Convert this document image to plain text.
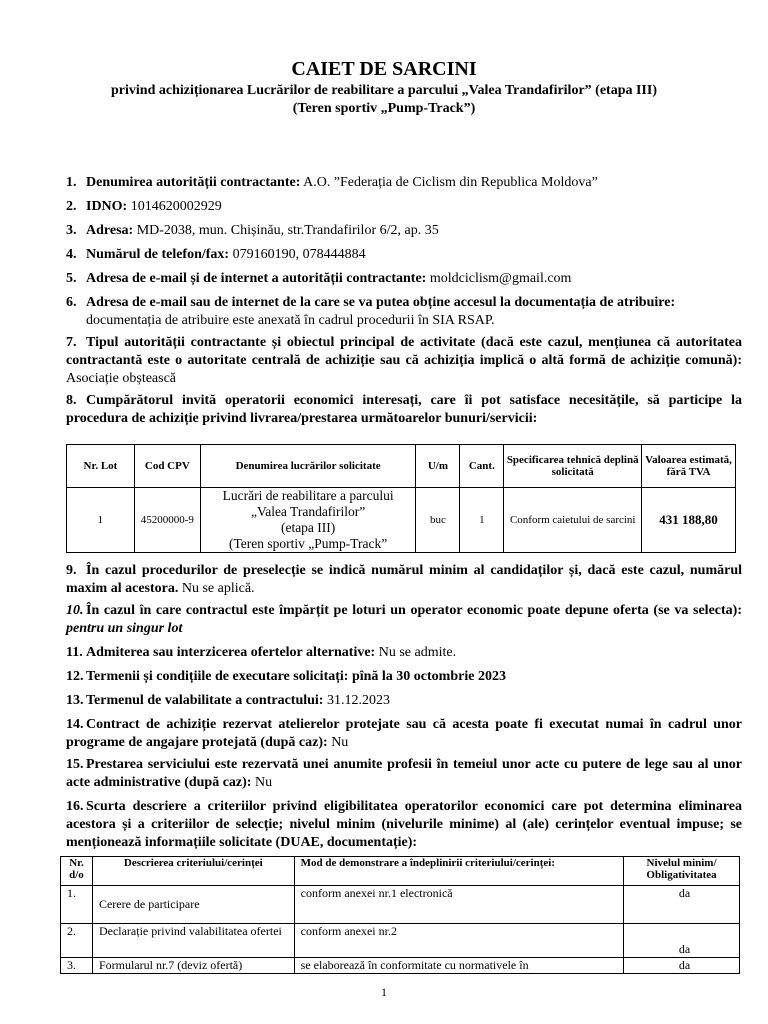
CAIET DE SARCINI
privind achiziționarea Lucrărilor de reabilitare a parcului „Valea Trandafirilor” (etapa III)
(Teren sportiv „Pump-Track”)
1. Denumirea autorității contractante: A.O. ”Federația de Ciclism din Republica Moldova”
2. IDNO: 1014620002929
3. Adresa: MD-2038, mun. Chișinău, str.Trandafirilor 6/2, ap. 35
4. Numărul de telefon/fax: 079160190, 078444884
5. Adresa de e-mail și de internet a autorității contractante: moldciclism@gmail.com
6. Adresa de e-mail sau de internet de la care se va putea obține accesul la documentația de atribuire:
documentația de atribuire este anexată în cadrul procedurii în SIA RSAP.
7. Tipul autorității contractante și obiectul principal de activitate (dacă este cazul, mențiunea că autoritatea contractantă este o autoritate centrală de achiziție sau că achiziția implică o altă formă de achiziție comună): Asociație obștească
8. Cumpărătorul invită operatorii economici interesați, care îi pot satisface necesitățile, să participe la procedura de achiziție privind livrarea/prestarea următoarelor bunuri/servicii:
Nr. Lot	Cod CPV	Denumirea lucrărilor solicitate	U/m	Cant.	Specificarea tehnică deplină solicitată	Valoarea estimată, fără TVA
1	45200000-9	Lucrări de reabilitare a parcului
„Valea Trandafirilor”
(etapa III)
(Teren sportiv „Pump-Track”	buc	1	Conform caietului de sarcini	431 188,80
9. În cazul procedurilor de preselecție se indică numărul minim al candidaților și, dacă este cazul, numărul maxim al acestora. Nu se aplică.
10. În cazul în care contractul este împărțit pe loturi un operator economic poate depune oferta (se va selecta): pentru un singur lot
11. Admiterea sau interzicerea ofertelor alternative: Nu se admite.
12. Termenii și condițiile de executare solicitați: pînă la 30 octombrie 2023
13. Termenul de valabilitate a contractului: 31.12.2023
14. Contract de achiziție rezervat atelierelor protejate sau că acesta poate fi executat numai în cadrul unor programe de angajare protejată (după caz): Nu
15. Prestarea serviciului este rezervată unei anumite profesii în temeiul unor acte cu putere de lege sau al unor acte administrative (după caz): Nu
16. Scurta descriere a criteriilor privind eligibilitatea operatorilor economici care pot determina eliminarea acestora și a criteriilor de selecție; nivelul minim (nivelurile minime) al (ale) cerințelor eventual impuse; se menționează informațiile solicitate (DUAE, documentație):
Nr. d/o	Descrierea criteriului/cerinței	Mod de demonstrare a îndeplinirii criteriului/cerinței:	Nivelul minim/ Obligativitatea
1.	Cerere de participare	conform anexei nr.1 electronică	da
2.	Declarație privind valabilitatea ofertei	conform anexei nr.2	da
3.	Formularul nr.7 (deviz ofertă)	se elaborează în conformitate cu normativele în	da
1
